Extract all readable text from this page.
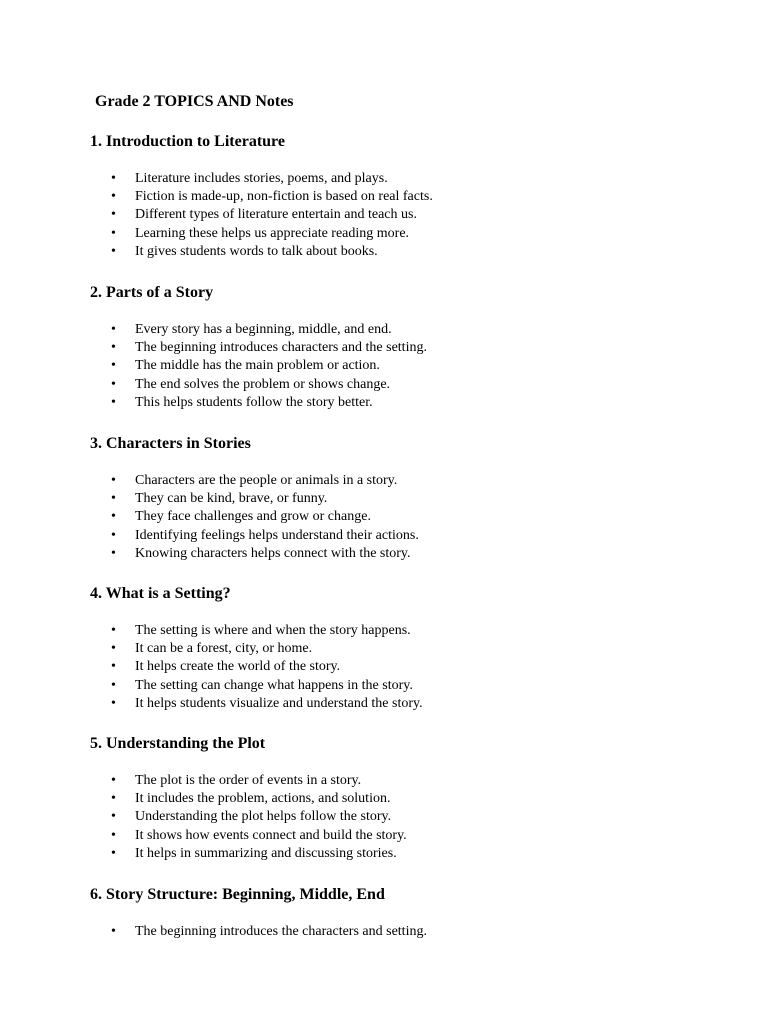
Grade 2 TOPICS AND Notes
1. Introduction to Literature
• Literature includes stories, poems, and plays.
• Fiction is made-up, non-fiction is based on real facts.
• Different types of literature entertain and teach us.
• Learning these helps us appreciate reading more.
• It gives students words to talk about books.
2. Parts of a Story
• Every story has a beginning, middle, and end.
• The beginning introduces characters and the setting.
• The middle has the main problem or action.
• The end solves the problem or shows change.
• This helps students follow the story better.
3. Characters in Stories
• Characters are the people or animals in a story.
• They can be kind, brave, or funny.
• They face challenges and grow or change.
• Identifying feelings helps understand their actions.
• Knowing characters helps connect with the story.
4. What is a Setting?
• The setting is where and when the story happens.
• It can be a forest, city, or home.
• It helps create the world of the story.
• The setting can change what happens in the story.
• It helps students visualize and understand the story.
5. Understanding the Plot
• The plot is the order of events in a story.
• It includes the problem, actions, and solution.
• Understanding the plot helps follow the story.
• It shows how events connect and build the story.
• It helps in summarizing and discussing stories.
6. Story Structure: Beginning, Middle, End
• The beginning introduces the characters and setting.
